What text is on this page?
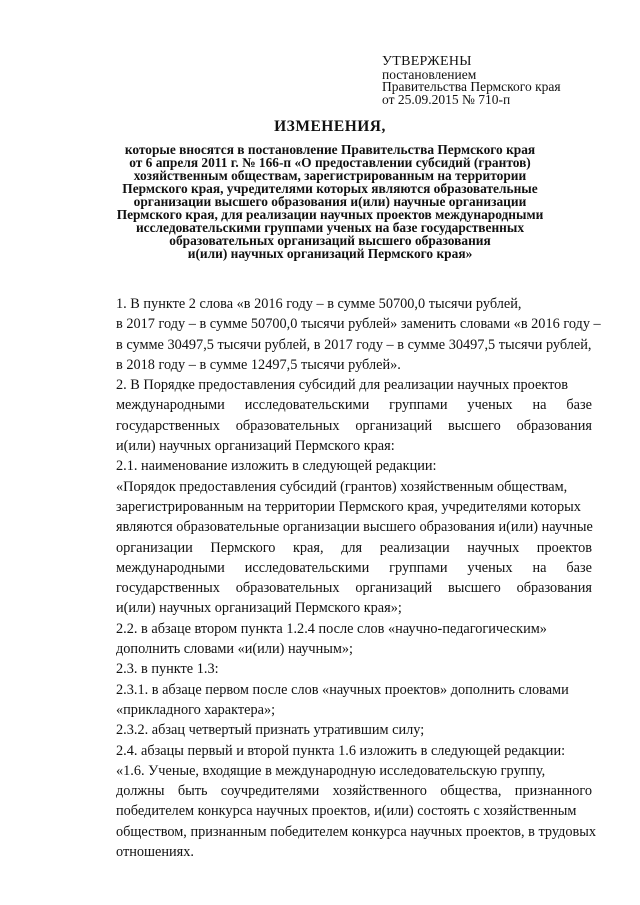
УТВЕРЖЕНЫ
постановлением
Правительства Пермского края
от 25.09.2015 № 710-п
ИЗМЕНЕНИЯ,
которые вносятся в постановление Правительства Пермского края
от 6 апреля 2011 г. № 166-п «О предоставлении субсидий (грантов)
хозяйственным обществам, зарегистрированным на территории
Пермского края, учредителями которых являются образовательные
организации высшего образования и(или) научные организации
Пермского края, для реализации научных проектов международными
исследовательскими группами ученых на базе государственных
образовательных организаций высшего образования
и(или) научных организаций Пермского края»

1. В пункте 2 слова «в 2016 году – в сумме 50700,0 тысячи рублей,
в 2017 году – в сумме 50700,0 тысячи рублей» заменить словами «в 2016 году –
в сумме 30497,5 тысячи рублей, в 2017 году – в сумме 30497,5 тысячи рублей,
в 2018 году – в сумме 12497,5 тысячи рублей».

2. В Порядке предоставления субсидий для реализации научных проектов
международными исследовательскими группами ученых на базе
государственных образовательных организаций высшего образования
и(или) научных организаций Пермского края:

2.1. наименование изложить в следующей редакции:

«Порядок предоставления субсидий (грантов) хозяйственным обществам,
зарегистрированным на территории Пермского края, учредителями которых
являются образовательные организации высшего образования и(или) научные
организации Пермского края, для реализации научных проектов
международными исследовательскими группами ученых на базе
государственных образовательных организаций высшего образования
и(или) научных организаций Пермского края»;

2.2. в абзаце втором пункта 1.2.4 после слов «научно-педагогическим»
дополнить словами «и(или) научным»;

2.3. в пункте 1.3:

2.3.1. в абзаце первом после слов «научных проектов» дополнить словами
«прикладного характера»;

2.3.2. абзац четвертый признать утратившим силу;

2.4. абзацы первый и второй пункта 1.6 изложить в следующей редакции:

«1.6. Ученые, входящие в международную исследовательскую группу,
должны быть соучредителями хозяйственного общества, признанного
победителем конкурса научных проектов, и(или) состоять с хозяйственным
обществом, признанным победителем конкурса научных проектов, в трудовых
отношениях.
